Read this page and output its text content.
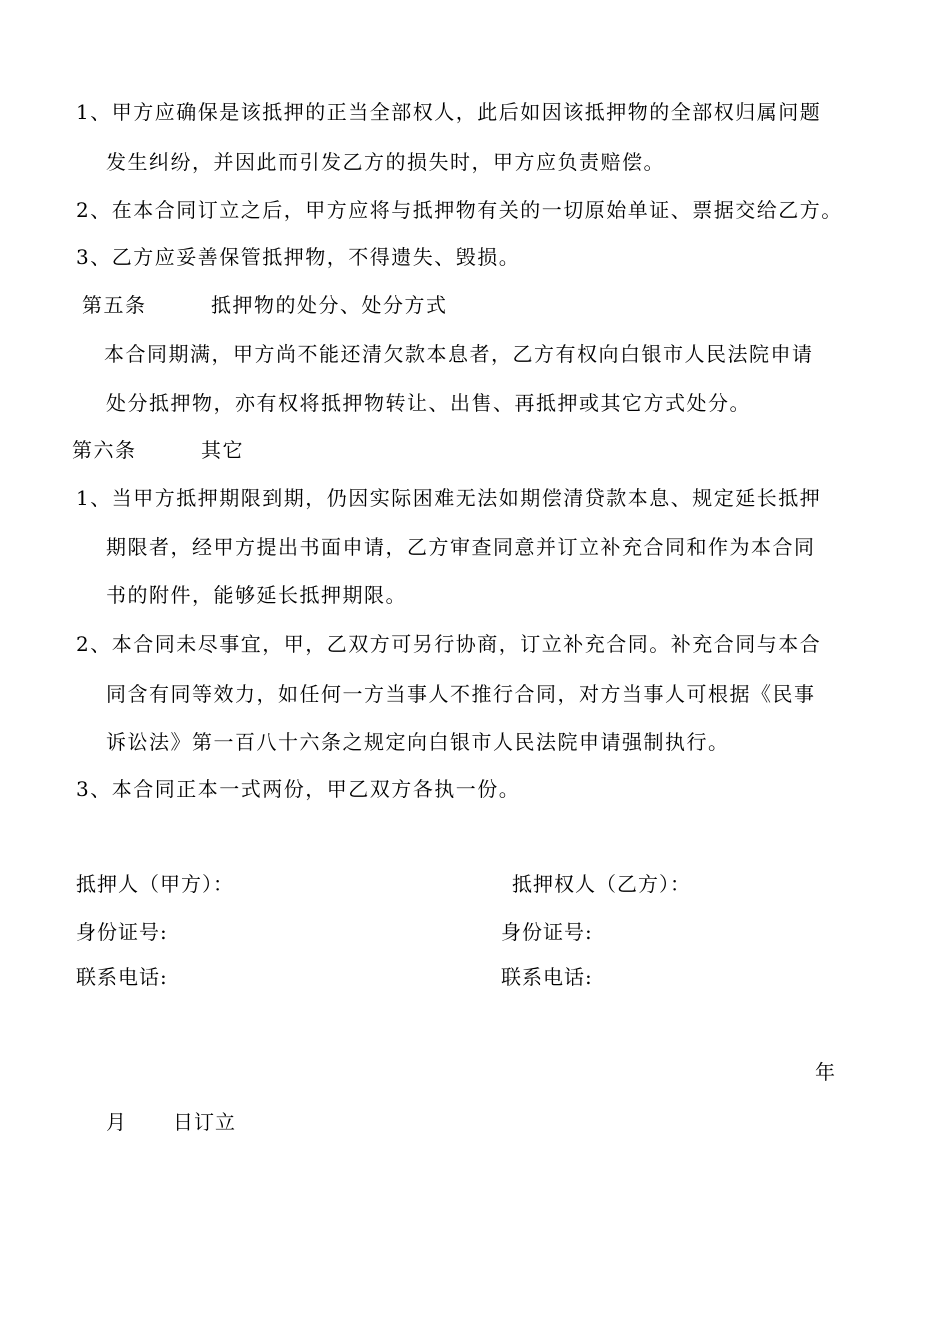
1、甲方应确保是该抵押的正当全部权人，此后如因该抵押物的全部权归属问题
发生纠纷，并因此而引发乙方的损失时，甲方应负责赔偿。
2、在本合同订立之后，甲方应将与抵押物有关的一切原始单证、票据交给乙方。
3、乙方应妥善保管抵押物，不得遗失、毁损。
第五条　　　抵押物的处分、处分方式
本合同期满，甲方尚不能还清欠款本息者，乙方有权向白银市人民法院申请
处分抵押物，亦有权将抵押物转让、出售、再抵押或其它方式处分。
第六条　　　其它
1、当甲方抵押期限到期，仍因实际困难无法如期偿清贷款本息、规定延长抵押
期限者，经甲方提出书面申请，乙方审查同意并订立补充合同和作为本合同
书的附件，能够延长抵押期限。
2、本合同未尽事宜，甲，乙双方可另行协商，订立补充合同。补充合同与本合
同含有同等效力，如任何一方当事人不推行合同，对方当事人可根据《民事
诉讼法》第一百八十六条之规定向白银市人民法院申请强制执行。
3、本合同正本一式两份，甲乙双方各执一份。
抵押人（甲方）：	抵押权人（乙方）：
身份证号:	身份证号:
联系电话:	联系电话:
年
月 日订立
